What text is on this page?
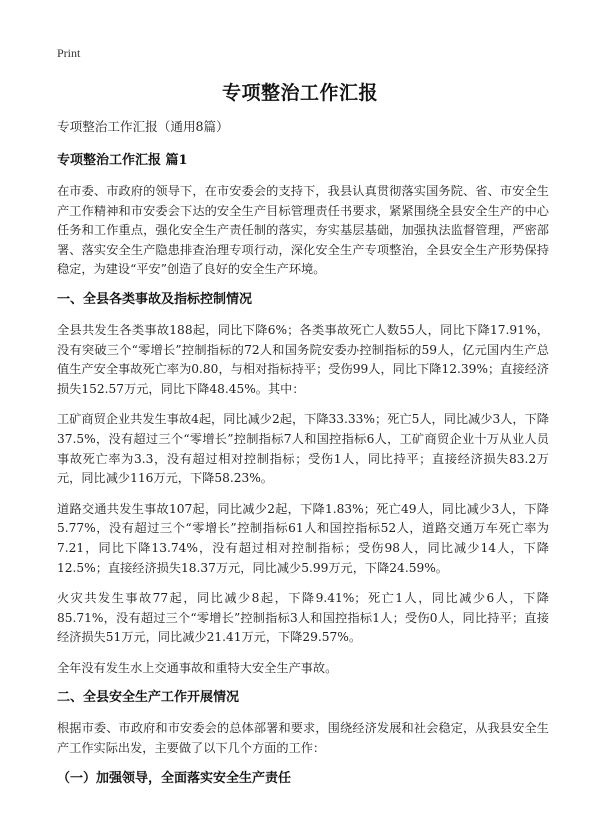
Print
专项整治工作汇报
专项整治工作汇报（通用8篇）
专项整治工作汇报 篇1

在市委、市政府的领导下，在市安委会的支持下，我县认真贯彻落实国务院、省、市安全生产工作精神和市安委会下达的安全生产目标管理责任书要求，紧紧围绕全县安全生产的中心任务和工作重点，强化安全生产责任制的落实，夯实基层基础，加强执法监督管理，严密部署、落实安全生产隐患排查治理专项行动，深化安全生产专项整治，全县安全生产形势保持稳定，为建设“平安”创造了良好的安全生产环境。

一、全县各类事故及指标控制情况

全县共发生各类事故188起，同比下降6%；各类事故死亡人数55人，同比下降17.91%，没有突破三个“零增长”控制指标的72人和国务院安委办控制指标的59人，亿元国内生产总值生产安全事故死亡率为0.80，与相对指标持平；受伤99人，同比下降12.39%；直接经济损失152.57万元，同比下降48.45%。其中：

工矿商贸企业共发生事故4起，同比减少2起，下降33.33%；死亡5人，同比减少3人，下降37.5%，没有超过三个“零增长”控制指标7人和国控指标6人，工矿商贸企业十万从业人员事故死亡率为3.3，没有超过相对控制指标；受伤1人，同比持平；直接经济损失83.2万元，同比减少116万元，下降58.23%。

道路交通共发生事故107起，同比减少2起，下降1.83%；死亡49人，同比减少3人，下降5.77%，没有超过三个“零增长”控制指标61人和国控指标52人，道路交通万车死亡率为7.21，同比下降13.74%，没有超过相对控制指标；受伤98人，同比减少14人，下降12.5%；直接经济损失18.37万元，同比减少5.99万元，下降24.59%。

火灾共发生事故77起，同比减少8起，下降9.41%；死亡1人，同比减少6人，下降85.71%，没有超过三个“零增长”控制指标3人和国控指标1人；受伤0人，同比持平；直接经济损失51万元，同比减少21.41万元，下降29.57%。

全年没有发生水上交通事故和重特大安全生产事故。

二、全县安全生产工作开展情况

根据市委、市政府和市安委会的总体部署和要求，围绕经济发展和社会稳定，从我县安全生产工作实际出发，主要做了以下几个方面的工作：

（一）加强领导，全面落实安全生产责任
